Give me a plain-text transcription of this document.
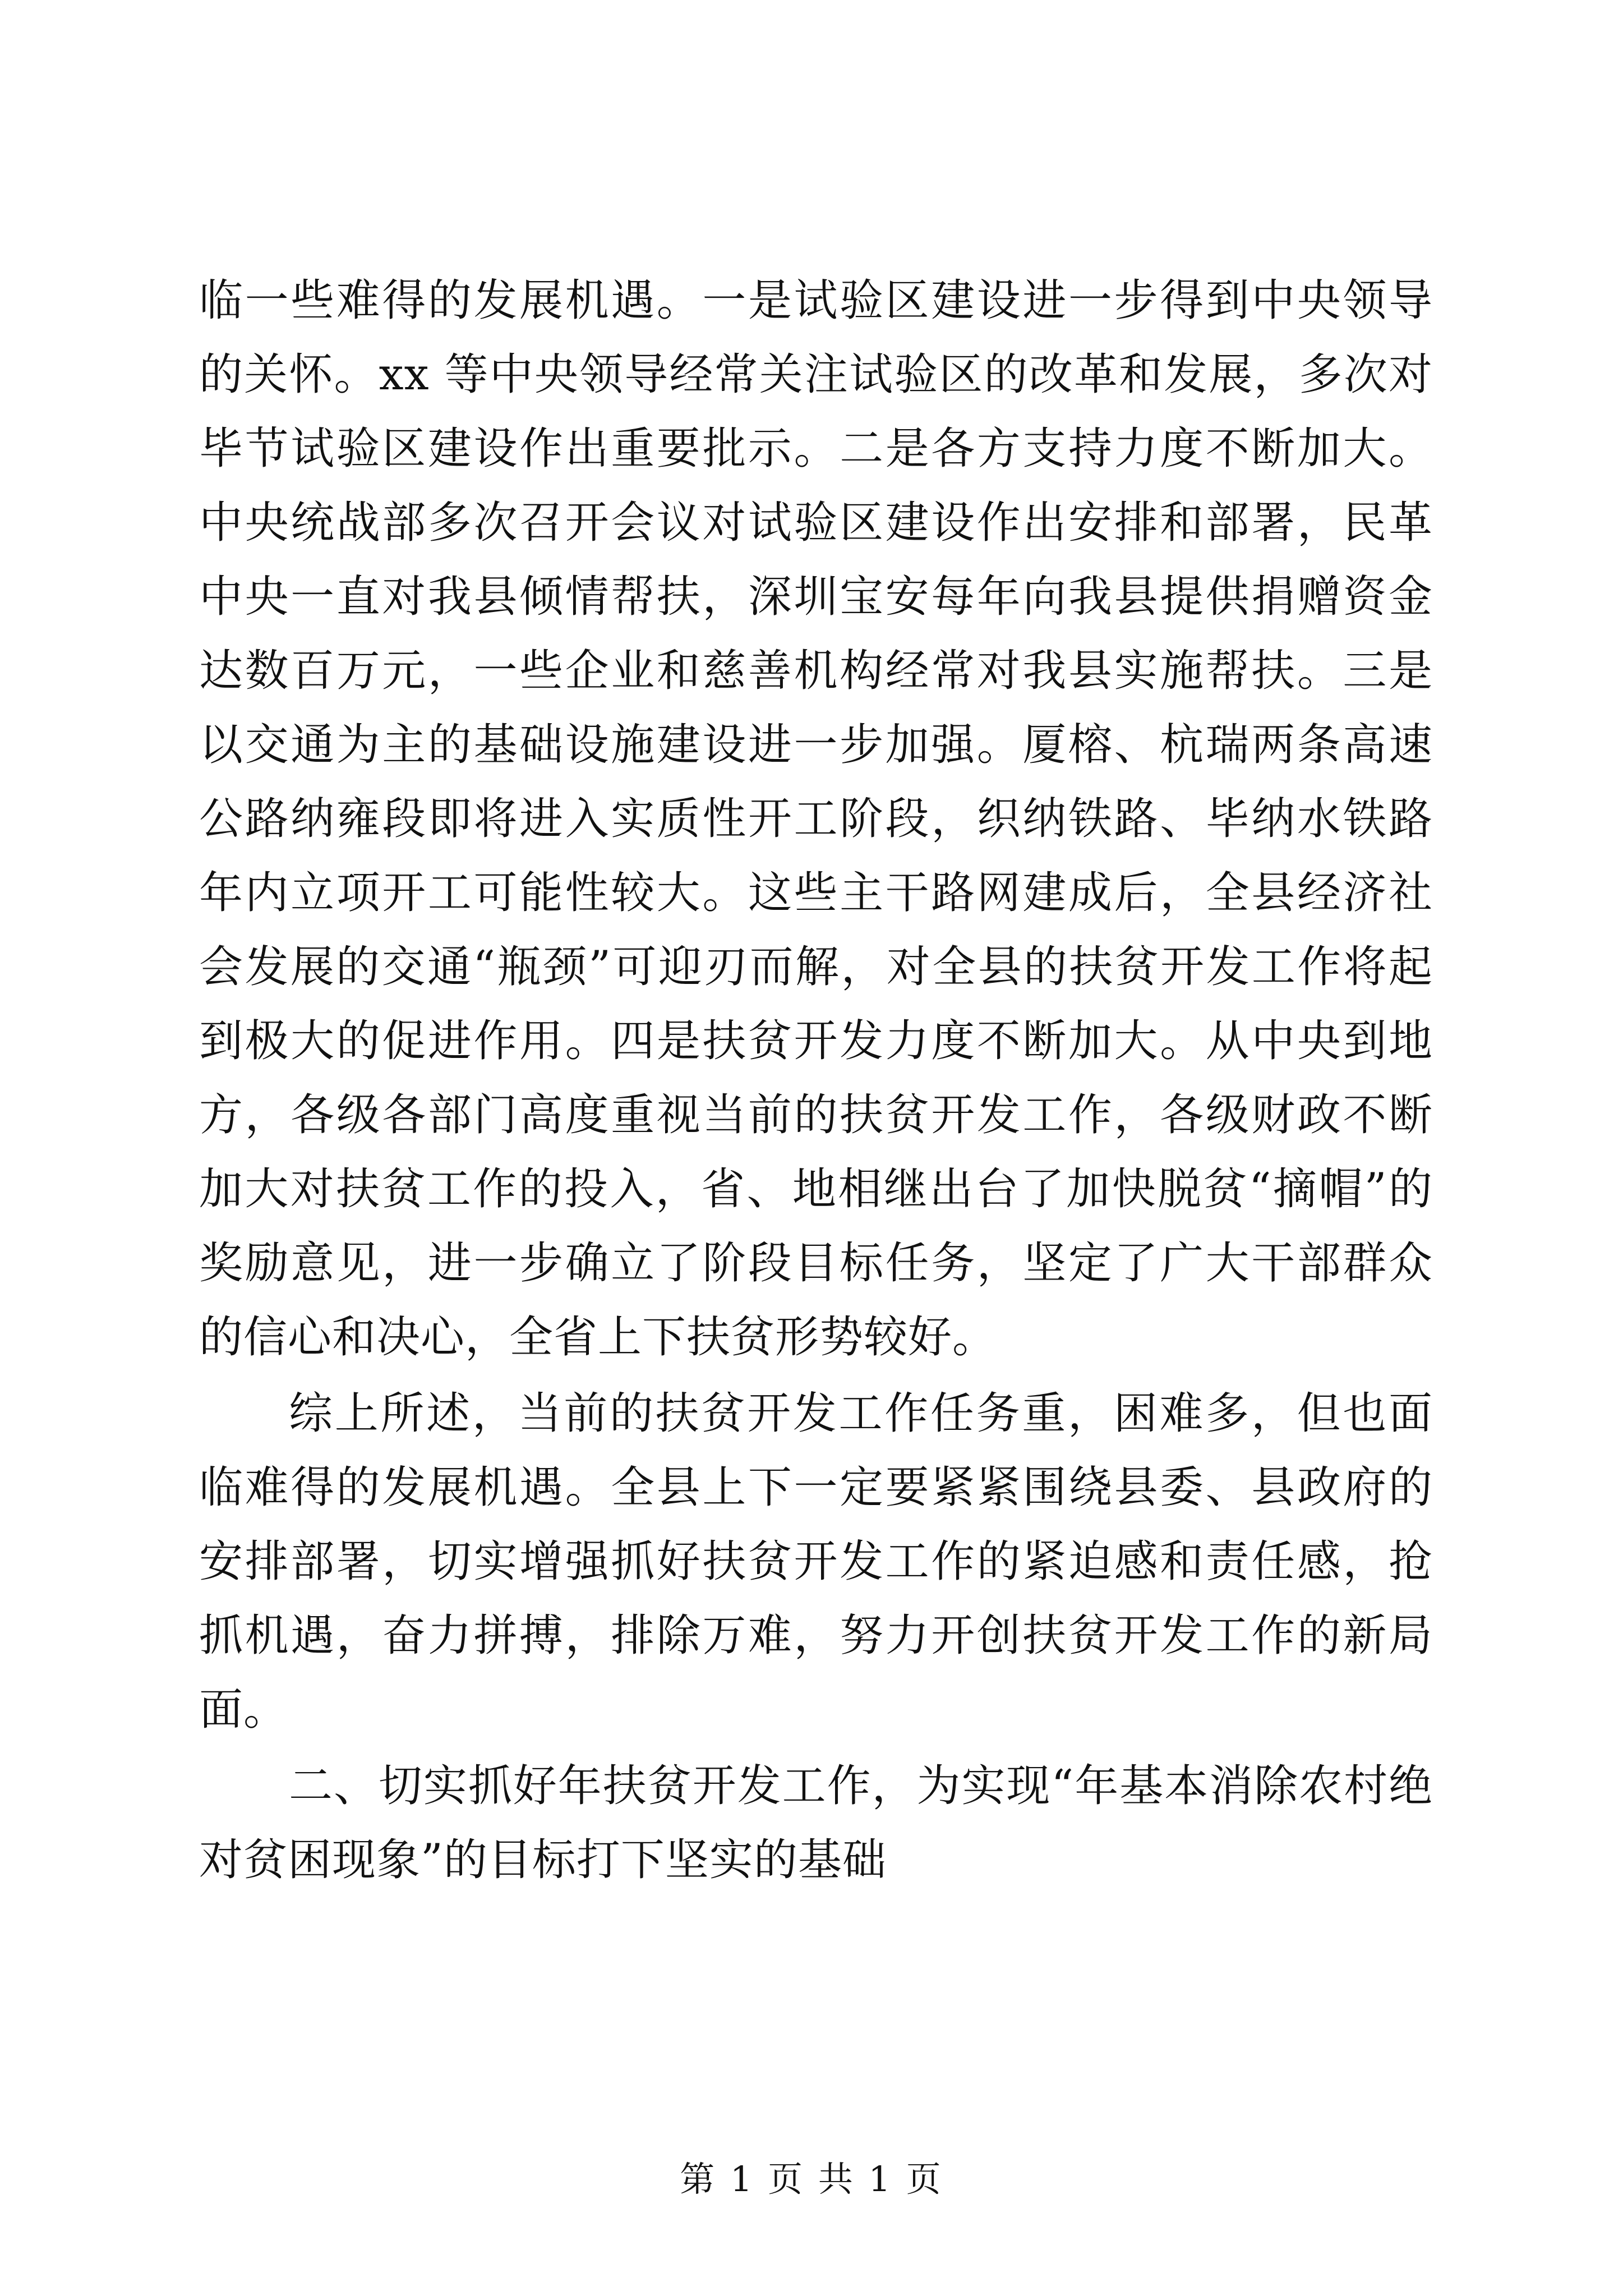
临一些难得的发展机遇。一是试验区建设进一步得到中央领导的关怀。xx 等中央领导经常关注试验区的改革和发展，多次对毕节试验区建设作出重要批示。二是各方支持力度不断加大。中央统战部多次召开会议对试验区建设作出安排和部署，民革中央一直对我县倾情帮扶，深圳宝安每年向我县提供捐赠资金达数百万元，一些企业和慈善机构经常对我县实施帮扶。三是以交通为主的基础设施建设进一步加强。厦榕、杭瑞两条高速公路纳雍段即将进入实质性开工阶段，织纳铁路、毕纳水铁路年内立项开工可能性较大。这些主干路网建成后，全县经济社会发展的交通“瓶颈”可迎刃而解，对全县的扶贫开发工作将起到极大的促进作用。四是扶贫开发力度不断加大。从中央到地方，各级各部门高度重视当前的扶贫开发工作，各级财政不断加大对扶贫工作的投入，省、地相继出台了加快脱贫“摘帽”的奖励意见，进一步确立了阶段目标任务，坚定了广大干部群众的信心和决心，全省上下扶贫形势较好。

综上所述，当前的扶贫开发工作任务重，困难多，但也面临难得的发展机遇。全县上下一定要紧紧围绕县委、县政府的安排部署，切实增强抓好扶贫开发工作的紧迫感和责任感，抢抓机遇，奋力拼搏，排除万难，努力开创扶贫开发工作的新局面。

二、切实抓好年扶贫开发工作，为实现“年基本消除农村绝对贫困现象”的目标打下坚实的基础

第 1 页 共 1 页
